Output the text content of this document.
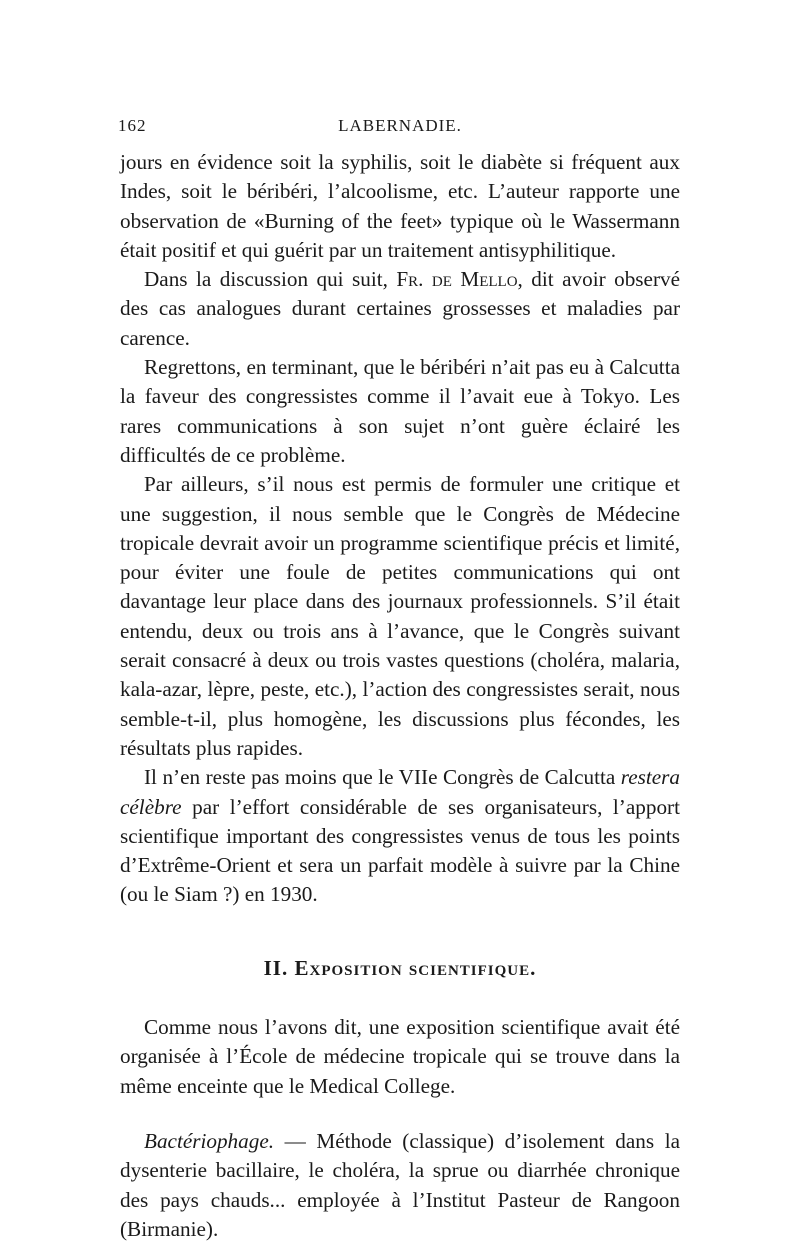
162	LABERNADIE.

jours en évidence soit la syphilis, soit le diabète si fréquent aux Indes, soit le béribéri, l’alcoolisme, etc. L’auteur rapporte une observation de «Burning of the feet» typique où le Wassermann était positif et qui guérit par un traitement antisyphilitique.

Dans la discussion qui suit, Fr. de Mello, dit avoir observé des cas analogues durant certaines grossesses et maladies par carence.

Regrettons, en terminant, que le béribéri n’ait pas eu à Calcutta la faveur des congressistes comme il l’avait eue à Tokyo. Les rares communications à son sujet n’ont guère éclairé les difficultés de ce problème.

Par ailleurs, s’il nous est permis de formuler une critique et une suggestion, il nous semble que le Congrès de Médecine tropicale devrait avoir un programme scientifique précis et limité, pour éviter une foule de petites communications qui ont davantage leur place dans des journaux professionnels. S’il était entendu, deux ou trois ans à l’avance, que le Congrès suivant serait consacré à deux ou trois vastes questions (choléra, malaria, kala-azar, lèpre, peste, etc.), l’action des congressistes serait, nous semble-t-il, plus homogène, les discussions plus fécondes, les résultats plus rapides.

Il n’en reste pas moins que le VIIe Congrès de Calcutta restera célèbre par l’effort considérable de ses organisateurs, l’apport scientifique important des congressistes venus de tous les points d’Extrême-Orient et sera un parfait modèle à suivre par la Chine (ou le Siam ?) en 1930.

II. Exposition scientifique.

Comme nous l’avons dit, une exposition scientifique avait été organisée à l’École de médecine tropicale qui se trouve dans la même enceinte que le Medical College.

Bactériophage. — Méthode (classique) d’isolement dans la dysenterie bacillaire, le choléra, la sprue ou diarrhée chronique des pays chauds... employée à l’Institut Pasteur de Rangoon (Birmanie).
